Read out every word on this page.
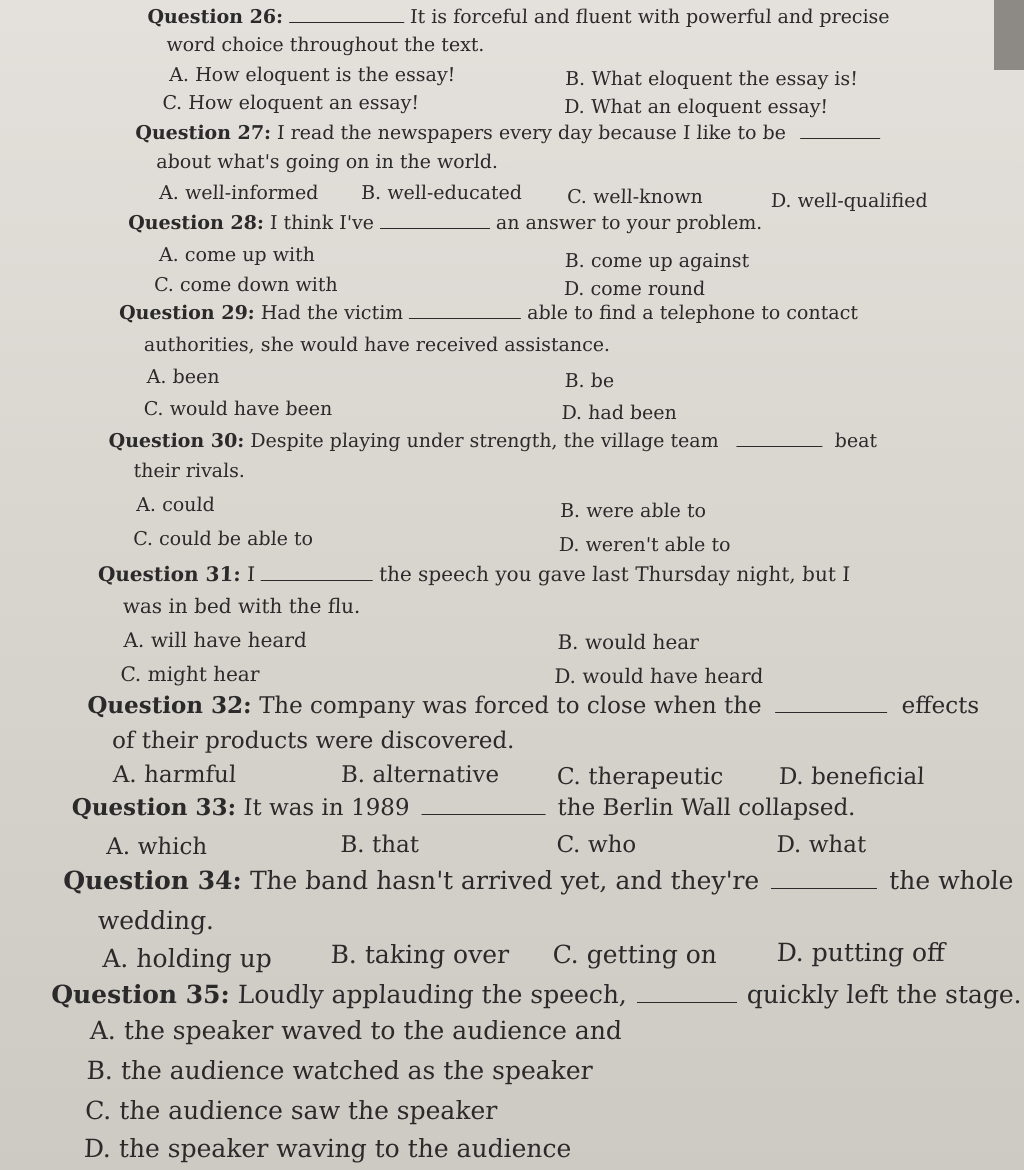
Question 26:	It is forceful and fluent with powerful and precise
word choice throughout the text.
A. How eloquent is the essay!	B. What eloquent the essay is!
C. How eloquent an essay!	D. What an eloquent essay!
Question 27: I read the newspapers every day because I like to be
about what's going on in the world.
A. well-informed B. well-educated C. well-known	D. well-qualified
Question 28: I think I've	an answer to your problem.
A. come up with	B. come up against
C. come down with	D. come round
Question 29: Had the victim	able to find a telephone to contact
authorities, she would have received assistance.
A. been	B. be
C. would have been	D. had been
Question 30: Despite playing under strength, the village team	beat
their rivals.
A. could	B. were able to
C. could be able to	D. weren't able to
Question 31: I	the speech you gave last Thursday night, but I
was in bed with the flu.
A. will have heard	B. would hear
C. might hear	D. would have heard
Question 32: The company was forced to close when the	effects
of their products were discovered.
A. harmful	B. alternative C. therapeutic D. beneficial
Question 33: It was in 1989	the Berlin Wall collapsed.
A. which	B. that	C. who	D. what
Question 34: The band hasn't arrived yet, and they're	the whole
wedding.
A. holding up B. taking over C. getting on D. putting off
Question 35: Loudly applauding the speech,	quickly left the stage.
A. the speaker waved to the audience and
B. the audience watched as the speaker
C. the audience saw the speaker
D. the speaker waving to the audience
